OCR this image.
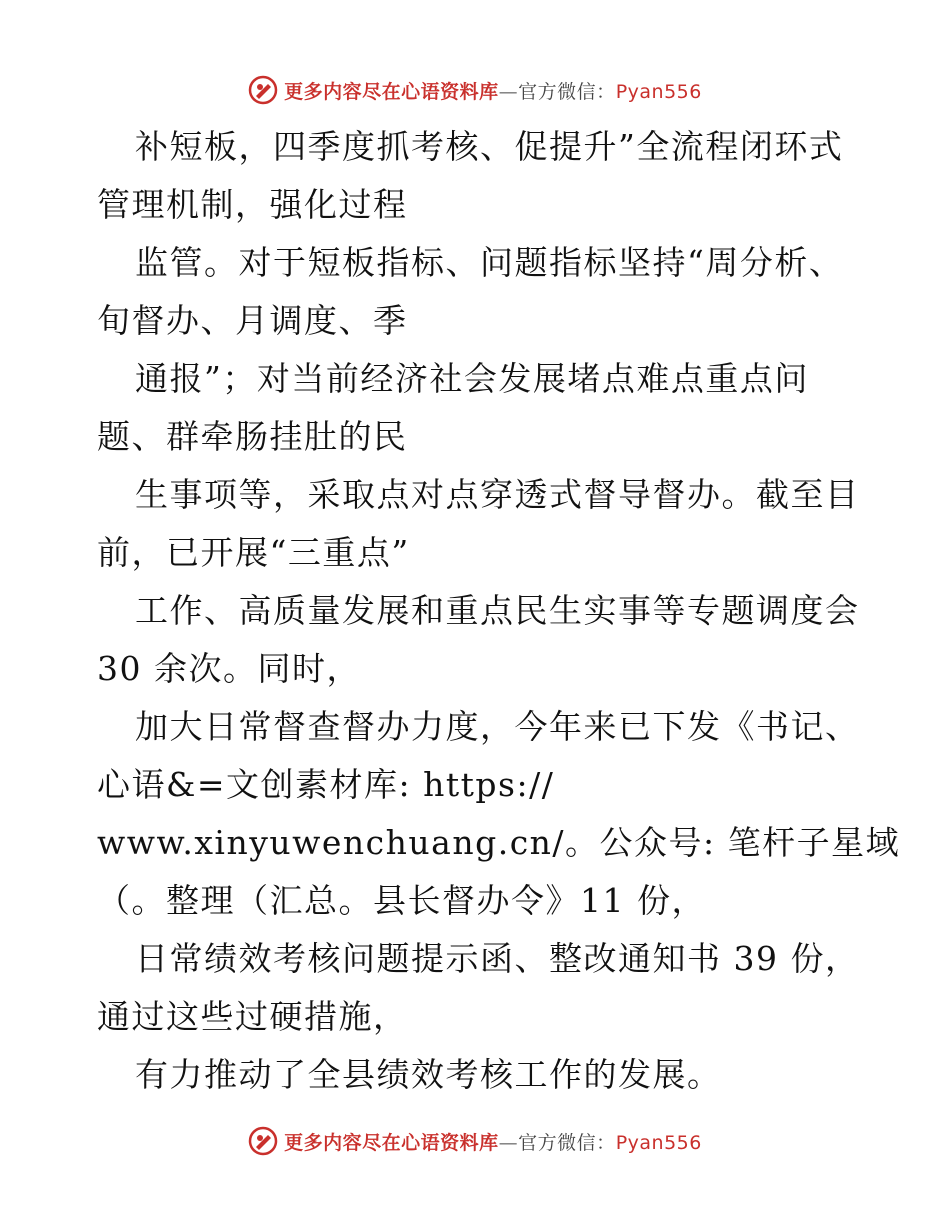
更多内容尽在心语资料库—官方微信：Pyan556
补短板，四季度抓考核、促提升”全流程闭环式
管理机制，强化过程
监管。对于短板指标、问题指标坚持“周分析、
旬督办、月调度、季
通报”；对当前经济社会发展堵点难点重点问
题、群牵肠挂肚的民
生事项等，采取点对点穿透式督导督办。截至目
前，已开展“三重点”
工作、高质量发展和重点民生实事等专题调度会
30 余次。同时，
加大日常督查督办力度，今年来已下发《书记、
心语&=文创素材库: https://
www.xinyuwenchuang.cn/。公众号: 笔杆子星域
（。整理（汇总。县长督办令》11 份，
日常绩效考核问题提示函、整改通知书 39 份，
通过这些过硬措施，
有力推动了全县绩效考核工作的发展。
更多内容尽在心语资料库—官方微信：Pyan556
